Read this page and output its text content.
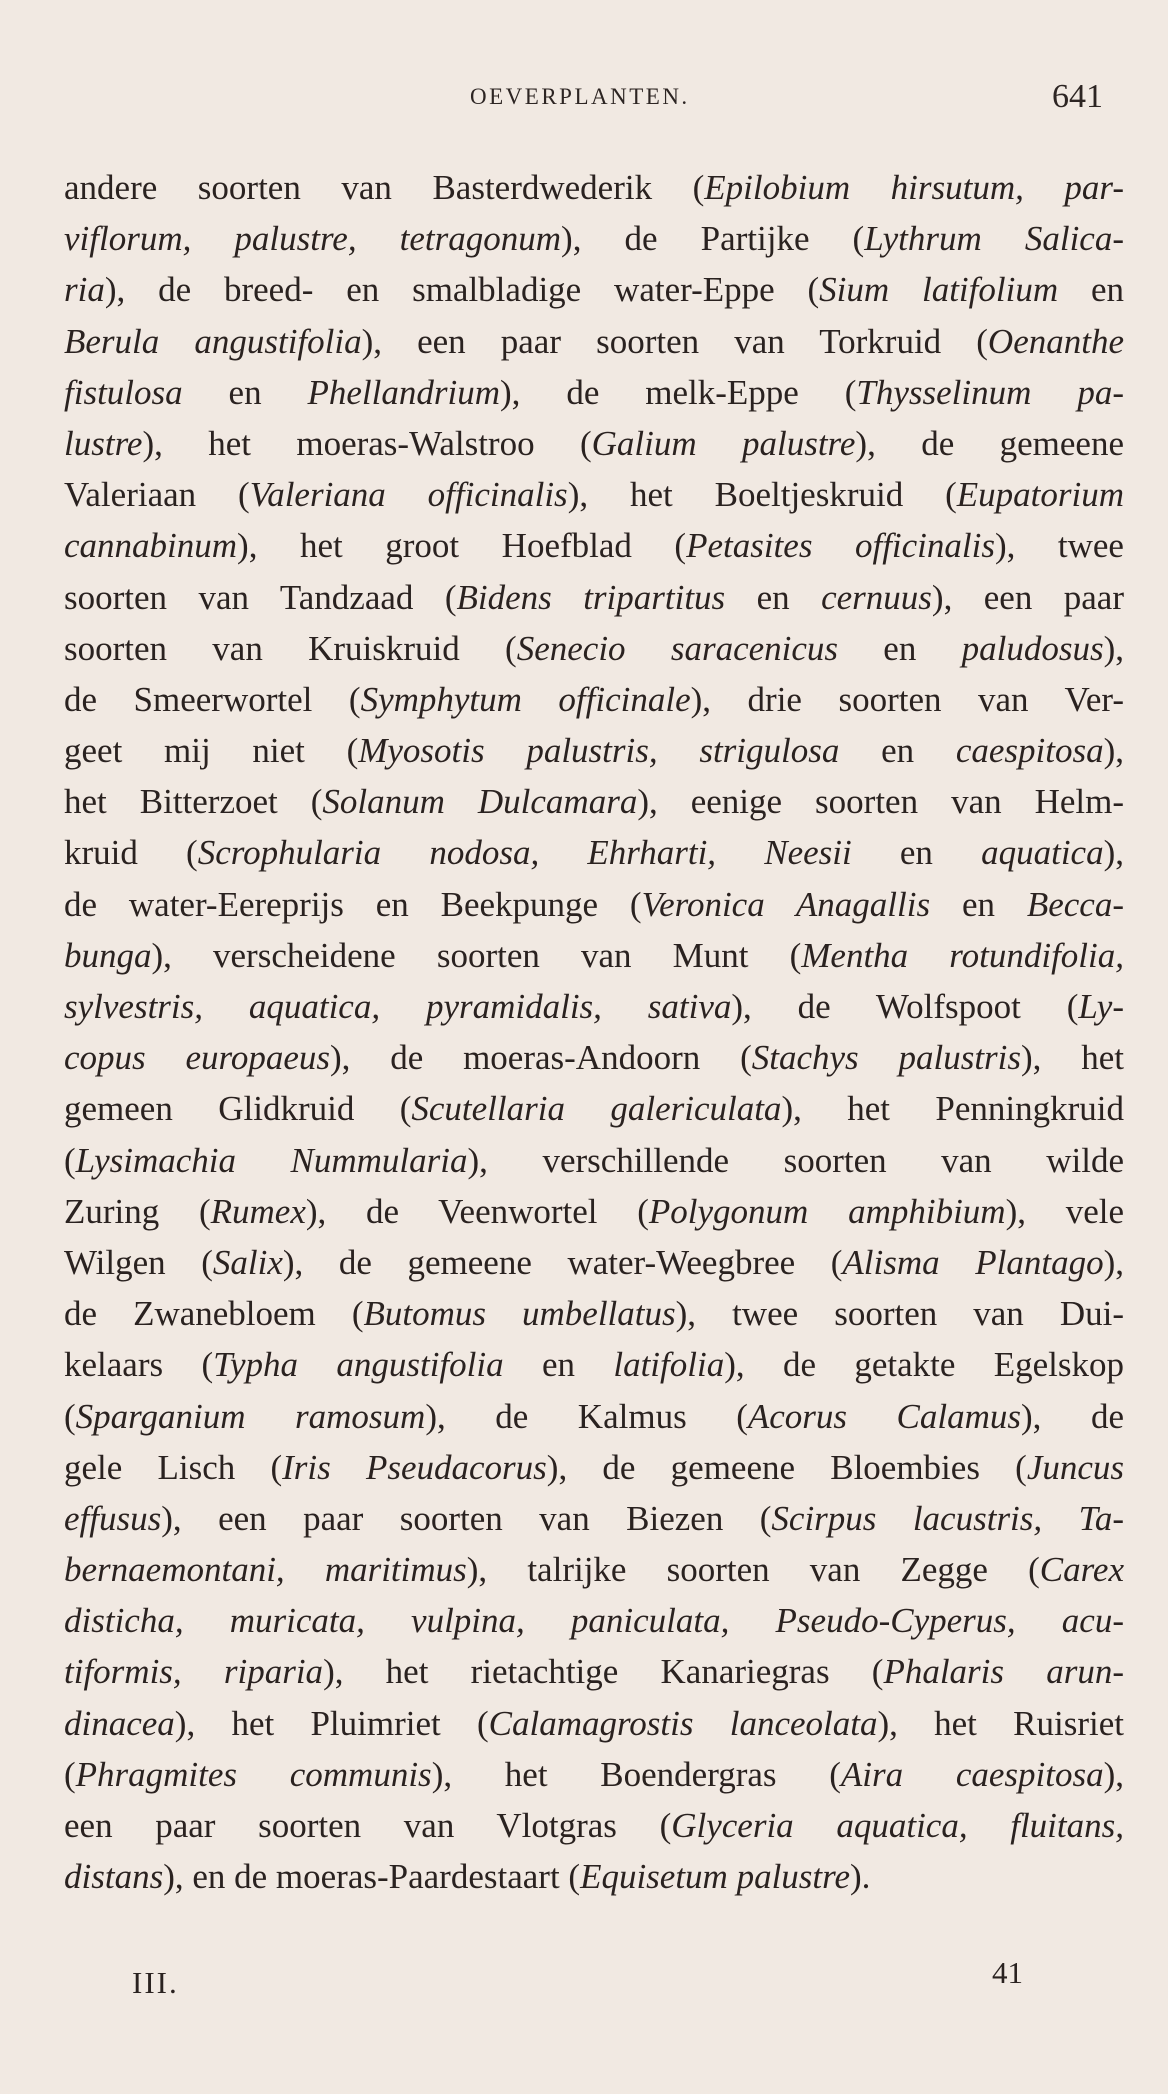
OEVERPLANTEN.	641
andere soorten van Basterdwederik (Epilobium hirsutum, par-
viflorum, palustre, tetragonum), de Partijke (Lythrum Salica-
ria), de breed- en smalbladige water-Eppe (Sium latifolium en
Berula angustifolia), een paar soorten van Torkruid (Oenanthe
fistulosa en Phellandrium), de melk-Eppe (Thysselinum pa-
lustre), het moeras-Walstroo (Galium palustre), de gemeene
Valeriaan (Valeriana officinalis), het Boeltjeskruid (Eupatorium
cannabinum), het groot Hoefblad (Petasites officinalis), twee
soorten van Tandzaad (Bidens tripartitus en cernuus), een paar
soorten van Kruiskruid (Senecio saracenicus en paludosus),
de Smeerwortel (Symphytum officinale), drie soorten van Ver-
geet mij niet (Myosotis palustris, strigulosa en caespitosa),
het Bitterzoet (Solanum Dulcamara), eenige soorten van Helm-
kruid (Scrophularia nodosa, Ehrharti, Neesii en aquatica),
de water-Eereprijs en Beekpunge (Veronica Anagallis en Becca-
bunga), verscheidene soorten van Munt (Mentha rotundifolia,
sylvestris, aquatica, pyramidalis, sativa), de Wolfspoot (Ly-
copus europaeus), de moeras-Andoorn (Stachys palustris), het
gemeen Glidkruid (Scutellaria galericulata), het Penningkruid
(Lysimachia Nummularia), verschillende soorten van wilde
Zuring (Rumex), de Veenwortel (Polygonum amphibium), vele
Wilgen (Salix), de gemeene water-Weegbree (Alisma Plantago),
de Zwanebloem (Butomus umbellatus), twee soorten van Dui-
kelaars (Typha angustifolia en latifolia), de getakte Egelskop
(Sparganium ramosum), de Kalmus (Acorus Calamus), de
gele Lisch (Iris Pseudacorus), de gemeene Bloembies (Juncus
effusus), een paar soorten van Biezen (Scirpus lacustris, Ta-
bernaemontani, maritimus), talrijke soorten van Zegge (Carex
disticha, muricata, vulpina, paniculata, Pseudo-Cyperus, acu-
tiformis, riparia), het rietachtige Kanariegras (Phalaris arun-
dinacea), het Pluimriet (Calamagrostis lanceolata), het Ruisriet
(Phragmites communis), het Boendergras (Aira caespitosa),
een paar soorten van Vlotgras (Glyceria aquatica, fluitans,
distans), en de moeras-Paardestaart (Equisetum palustre).
III.	41
